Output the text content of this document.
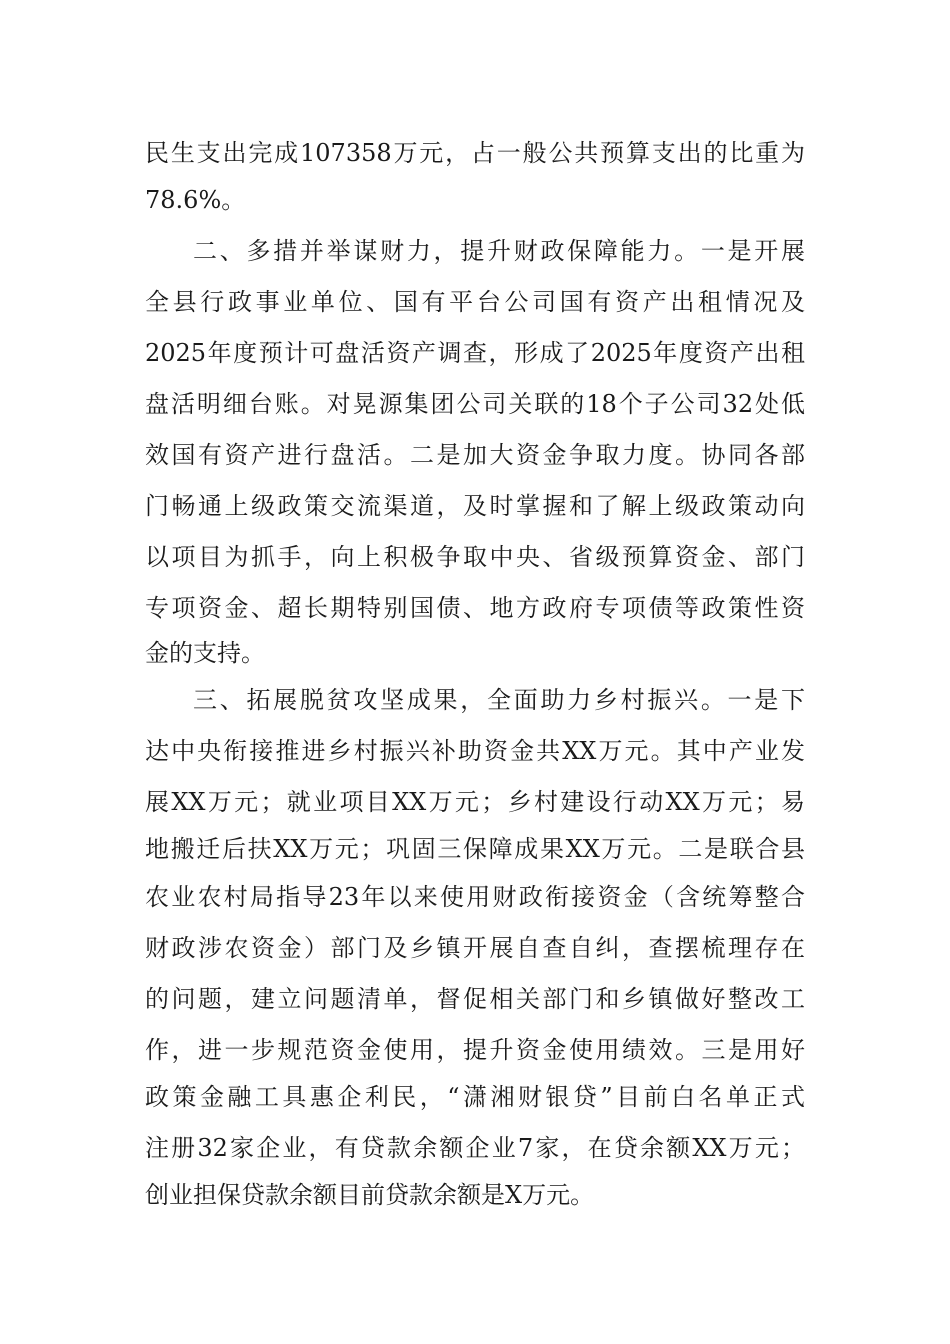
民生支出完成107358万元，占一般公共预算支出的比重为
78.6%。
二、多措并举谋财力，提升财政保障能力。一是开展
全县行政事业单位、国有平台公司国有资产出租情况及
2025年度预计可盘活资产调查，形成了2025年度资产出租
盘活明细台账。对晃源集团公司关联的18个子公司32处低
效国有资产进行盘活。二是加大资金争取力度。协同各部
门畅通上级政策交流渠道，及时掌握和了解上级政策动向
以项目为抓手，向上积极争取中央、省级预算资金、部门
专项资金、超长期特别国债、地方政府专项债等政策性资
金的支持。
三、拓展脱贫攻坚成果，全面助力乡村振兴。一是下
达中央衔接推进乡村振兴补助资金共XX万元。其中产业发
展XX万元；就业项目XX万元；乡村建设行动XX万元；易
地搬迁后扶XX万元；巩固三保障成果XX万元。二是联合县
农业农村局指导23年以来使用财政衔接资金（含统筹整合
财政涉农资金）部门及乡镇开展自查自纠，查摆梳理存在
的问题，建立问题清单，督促相关部门和乡镇做好整改工
作，进一步规范资金使用，提升资金使用绩效。三是用好
政策金融工具惠企利民，“潇湘财银贷”目前白名单正式
注册32家企业，有贷款余额企业7家，在贷余额XX万元；
创业担保贷款余额目前贷款余额是X万元。
